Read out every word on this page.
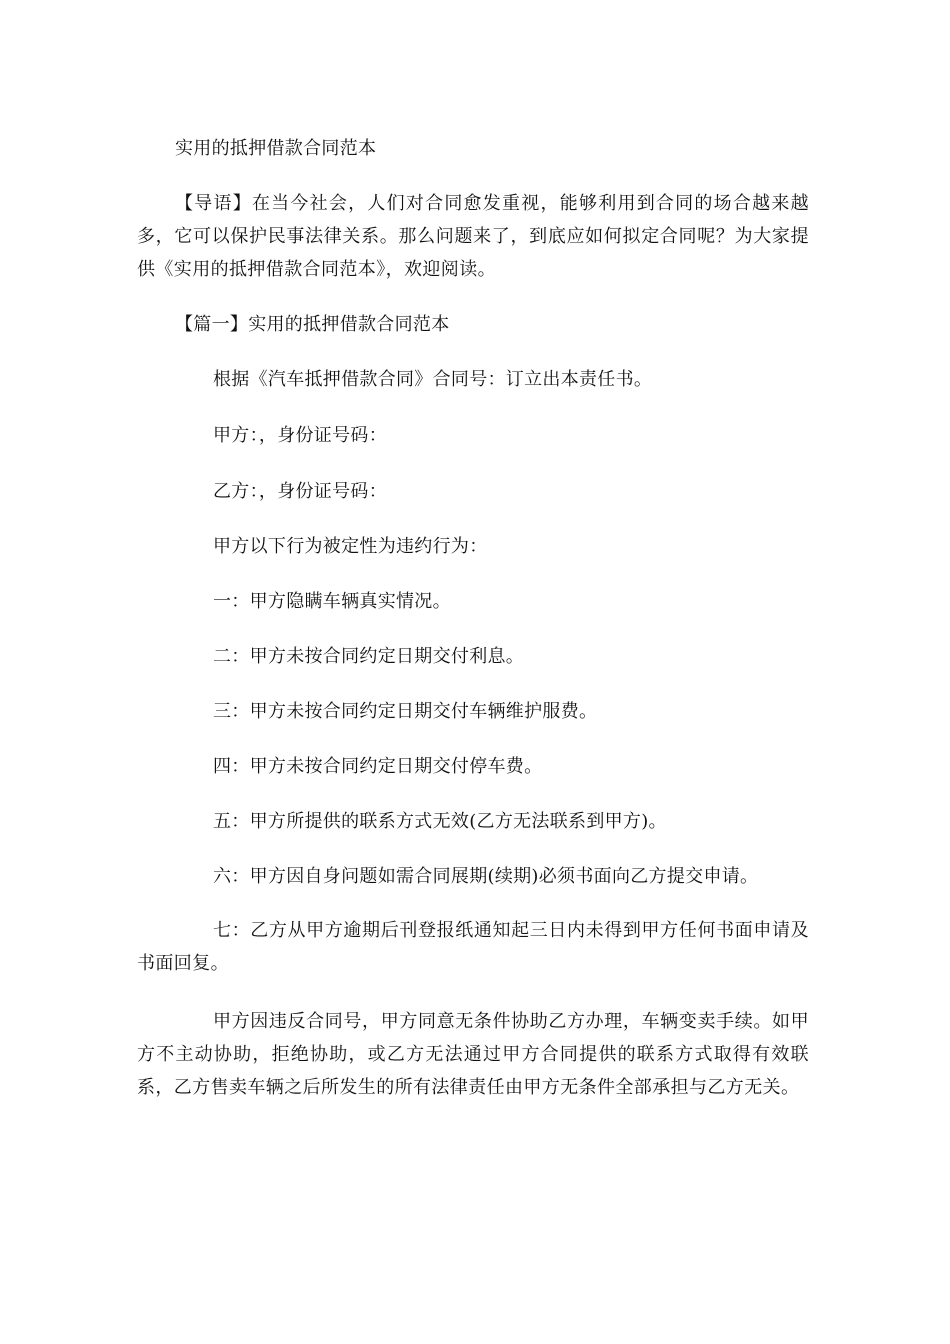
实用的抵押借款合同范本
【导语】在当今社会，人们对合同愈发重视，能够利用到合同的场合越来越多，它可以保护民事法律关系。那么问题来了，到底应如何拟定合同呢？为大家提供《实用的抵押借款合同范本》，欢迎阅读。
【篇一】实用的抵押借款合同范本
根据《汽车抵押借款合同》合同号：订立出本责任书。
甲方：，身份证号码：
乙方：，身份证号码：
甲方以下行为被定性为违约行为：
一：甲方隐瞒车辆真实情况。
二：甲方未按合同约定日期交付利息。
三：甲方未按合同约定日期交付车辆维护服费。
四：甲方未按合同约定日期交付停车费。
五：甲方所提供的联系方式无效(乙方无法联系到甲方)。
六：甲方因自身问题如需合同展期(续期)必须书面向乙方提交申请。
七：乙方从甲方逾期后刊登报纸通知起三日内未得到甲方任何书面申请及书面回复。
甲方因违反合同号，甲方同意无条件协助乙方办理，车辆变卖手续。如甲方不主动协助，拒绝协助，或乙方无法通过甲方合同提供的联系方式取得有效联系，乙方售卖车辆之后所发生的所有法律责任由甲方无条件全部承担与乙方无关。
